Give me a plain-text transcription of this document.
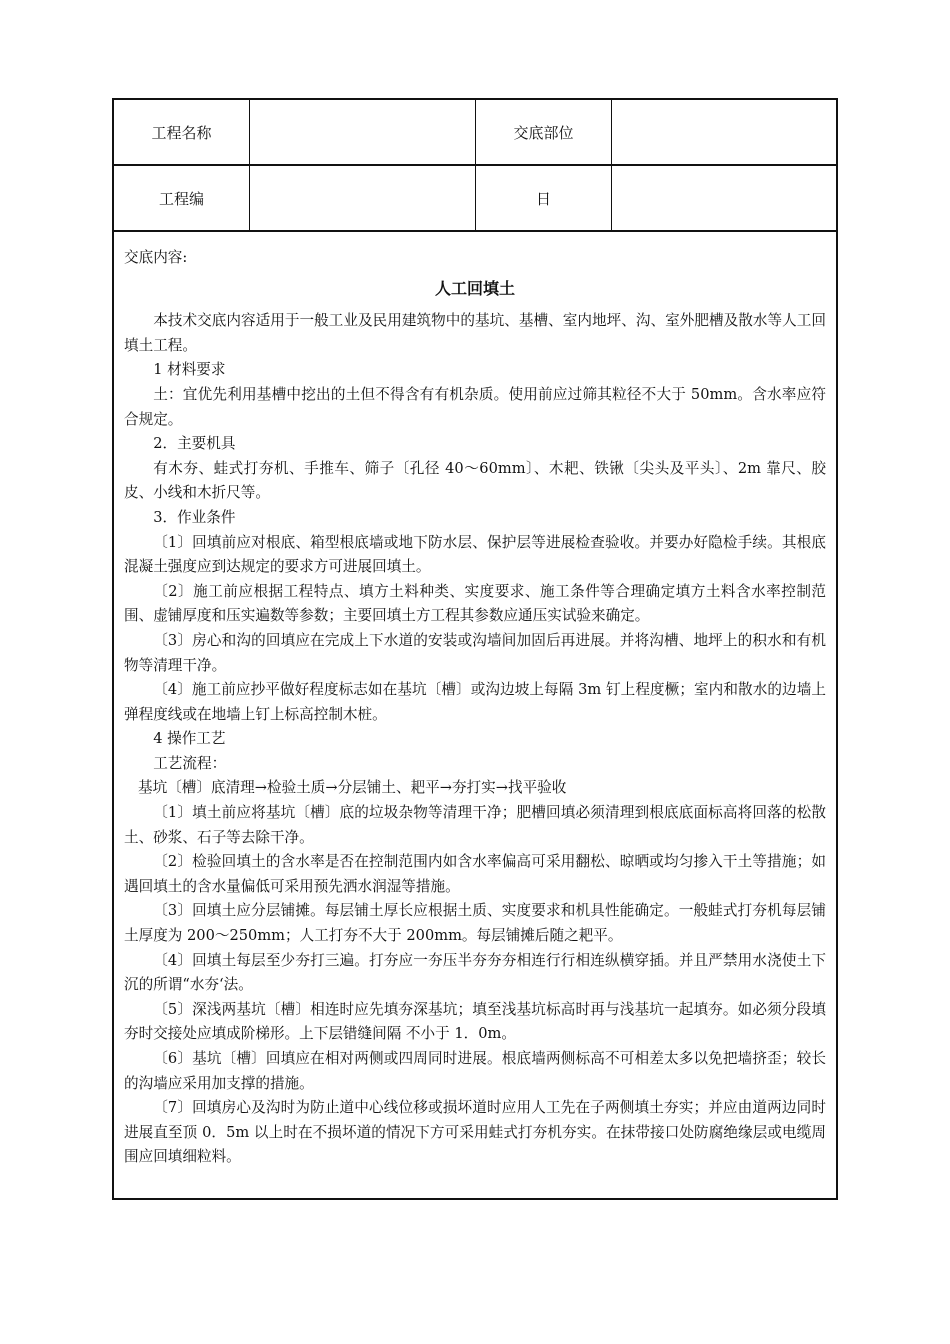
工程名称	交底部位
工程编	日

交底内容:

人工回填土

本技术交底内容适用于一般工业及民用建筑物中的基坑、基槽、室内地坪、沟、室外肥槽及散水等人工回填土工程。

1 材料要求

土：宜优先利用基槽中挖出的土但不得含有有机杂质。使用前应过筛其粒径不大于 50mm。含水率应符合规定。

2．主要机具

有木夯、蛙式打夯机、手推车、筛子〔孔径 40～60mm〕、木耙、铁锹〔尖头及平头〕、2m 靠尺、胶皮、小线和木折尺等。

3．作业条件

〔1〕回填前应对根底、箱型根底墙或地下防水层、保护层等进展检查验收。并要办好隐检手续。其根底混凝土强度应到达规定的要求方可进展回填土。

〔2〕施工前应根据工程特点、填方土料种类、实度要求、施工条件等合理确定填方土料含水率控制范围、虚铺厚度和压实遍数等参数；主要回填土方工程其参数应通压实试验来确定。

〔3〕房心和沟的回填应在完成上下水道的安装或沟墙间加固后再进展。并将沟槽、地坪上的积水和有机物等清理干净。

〔4〕施工前应抄平做好程度标志如在基坑〔槽〕或沟边坡上每隔 3m 钉上程度橛；室内和散水的边墙上弹程度线或在地墙上钉上标高控制木桩。

4 操作工艺

工艺流程：

基坑〔槽〕底清理→检验土质→分层铺土、耙平→夯打实→找平验收

〔1〕填土前应将基坑〔槽〕底的垃圾杂物等清理干净；肥槽回填必须清理到根底底面标高将回落的松散土、砂浆、石子等去除干净。

〔2〕检验回填土的含水率是否在控制范围内如含水率偏高可采用翻松、晾晒或均匀掺入干土等措施；如遇回填土的含水量偏低可采用预先洒水润湿等措施。

〔3〕回填土应分层铺摊。每层铺土厚长应根据土质、实度要求和机具性能确定。一般蛙式打夯机每层铺土厚度为 200～250mm；人工打夯不大于 200mm。每层铺摊后随之耙平。

〔4〕回填土每层至少夯打三遍。打夯应一夯压半夯夯夯相连行行相连纵横穿插。并且严禁用水浇使土下沉的所谓“水夯‘法。

〔5〕深浅两基坑〔槽〕相连时应先填夯深基坑；填至浅基坑标高时再与浅基坑一起填夯。如必须分段填夯时交接处应填成阶梯形。上下层错缝间隔 不小于 1．0m。

〔6〕基坑〔槽〕回填应在相对两侧或四周同时进展。根底墙两侧标高不可相差太多以免把墙挤歪；较长的沟墙应采用加支撑的措施。

〔7〕回填房心及沟时为防止道中心线位移或损坏道时应用人工先在子两侧填土夯实；并应由道两边同时进展直至顶 0．5m 以上时在不损坏道的情况下方可采用蛙式打夯机夯实。在抹带接口处防腐绝缘层或电缆周围应回填细粒料。
